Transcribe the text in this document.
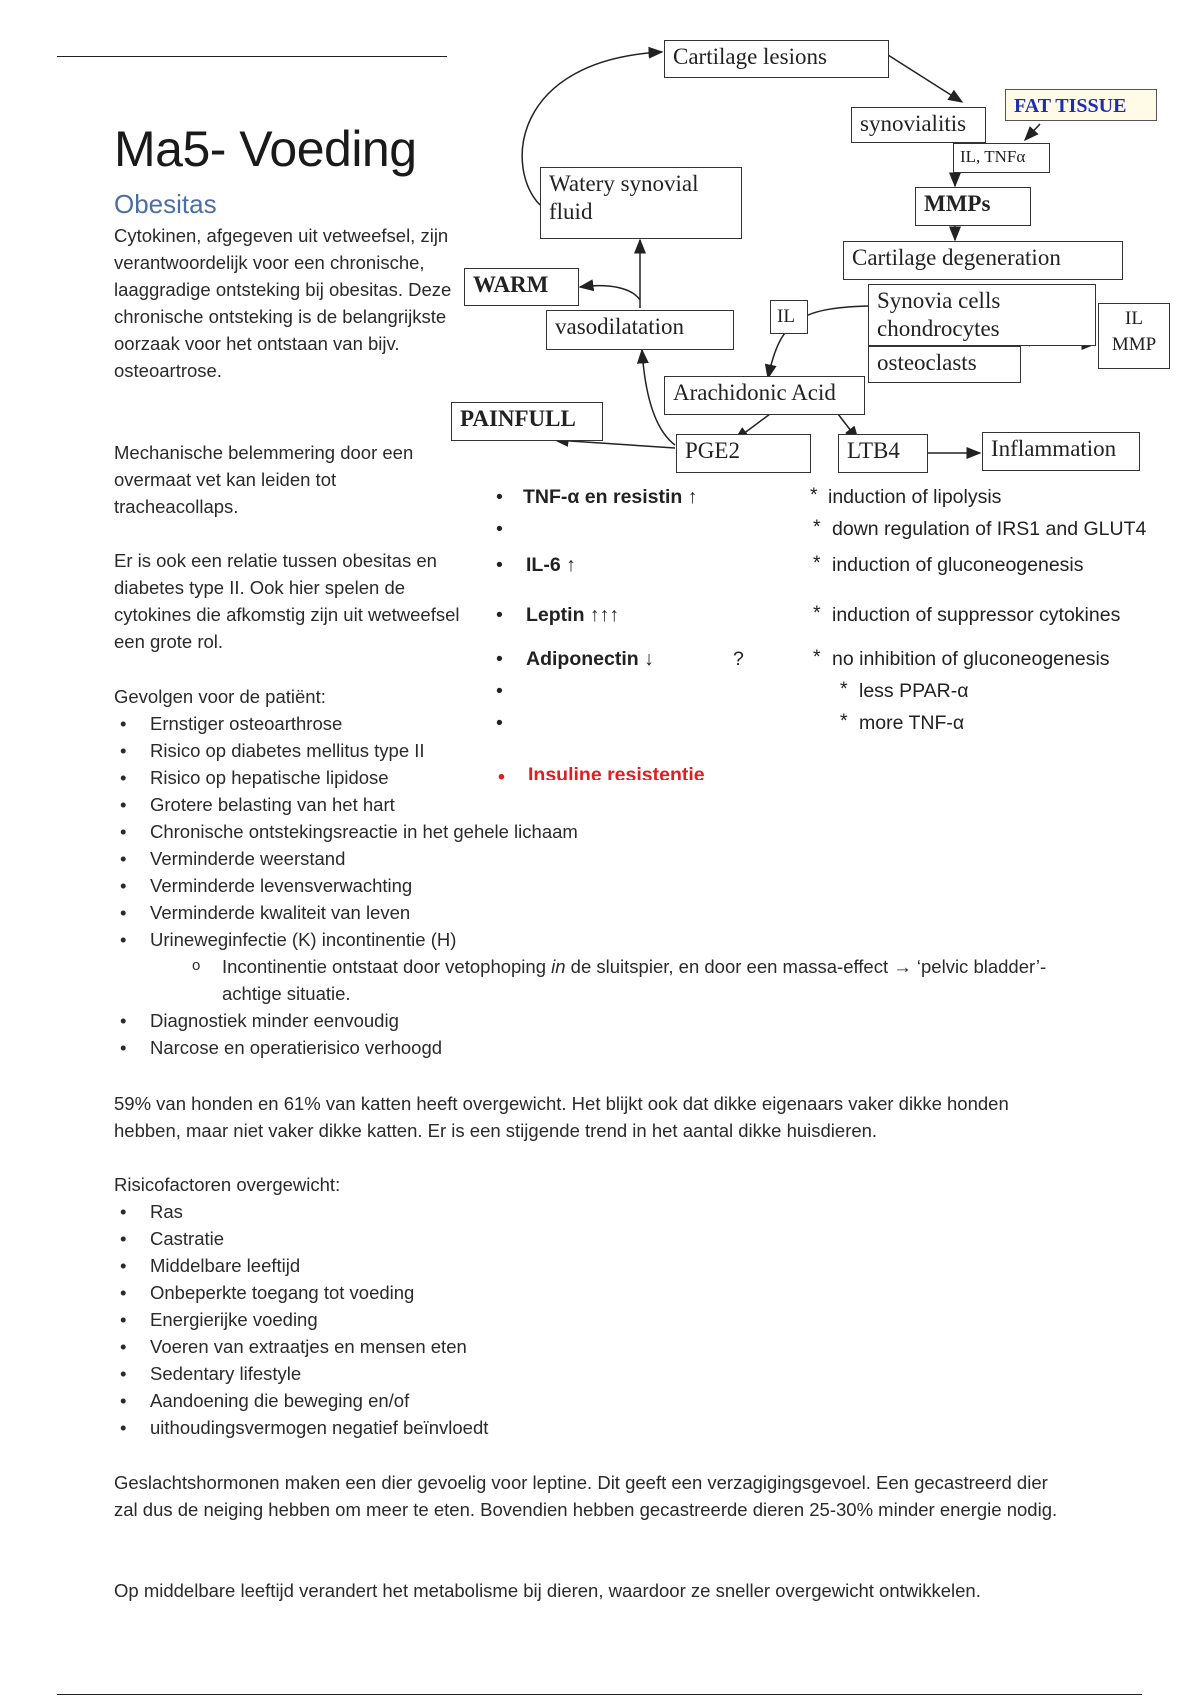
Ma5- Voeding
Obesitas

Cytokinen, afgegeven uit vetweefsel, zijn verantwoordelijk voor een chronische, laaggradige ontsteking bij obesitas. Deze chronische ontsteking is de belangrijkste oorzaak voor het ontstaan van bijv. osteoartrose.

Mechanische belemmering door een overmaat vet kan leiden tot tracheacollaps.

Er is ook een relatie tussen obesitas en diabetes type II. Ook hier spelen de cytokines die afkomstig zijn uit wetweefsel een grote rol.

Gevolgen voor de patiënt:

• Ernstiger osteoarthrose
• Risico op diabetes mellitus type II
• Risico op hepatische lipidose
• Grotere belasting van het hart
• Chronische ontstekingsreactie in het gehele lichaam
• Verminderde weerstand
• Verminderde levensverwachting
• Verminderde kwaliteit van leven
• Urineweginfectie (K) incontinentie (H)
o Incontinentie ontstaat door vetophoping in de sluitspier, en door een massa-effect → ‘pelvic bladder’-achtige situatie.
• Diagnostiek minder eenvoudig
• Narcose en operatierisico verhoogd

59% van honden en 61% van katten heeft overgewicht. Het blijkt ook dat dikke eigenaars vaker dikke honden hebben, maar niet vaker dikke katten. Er is een stijgende trend in het aantal dikke huisdieren.

Risicofactoren overgewicht:

• Ras
• Castratie
• Middelbare leeftijd
• Onbeperkte toegang tot voeding
• Energierijke voeding
• Voeren van extraatjes en mensen eten
• Sedentary lifestyle
• Aandoening die beweging en/of
• uithoudingsvermogen negatief beïnvloedt

Geslachtshormonen maken een dier gevoelig voor leptine. Dit geeft een verzagigingsgevoel. Een gecastreerd dier zal dus de neiging hebben om meer te eten. Bovendien hebben gecastreerde dieren 25-30% minder energie nodig.

Op middelbare leeftijd verandert het metabolisme bij dieren, waardoor ze sneller overgewicht ontwikkelen.

Cartilage lesions
synovialitis
FAT TISSUE
IL, TNFα
MMPs
Watery synovial
fluid
Cartilage degeneration
WARM
Synovia cells
chondrocytes
IL	IL
MMP
vasodilatation
osteoclasts
Arachidonic Acid
PAINFULL
PGE2	LTB4	Inflammation
• TNF-α en resistin ↑
•
• IL-6 ↑
• Leptin ↑↑↑
• Adiponectin ↓	?
•
•
• Insuline resistentie
* induction of lipolysis
* down regulation of IRS1 and GLUT4
* induction of gluconeogenesis
* induction of suppressor cytokines
* no inhibition of gluconeogenesis
* less PPAR-α
* more TNF-α
